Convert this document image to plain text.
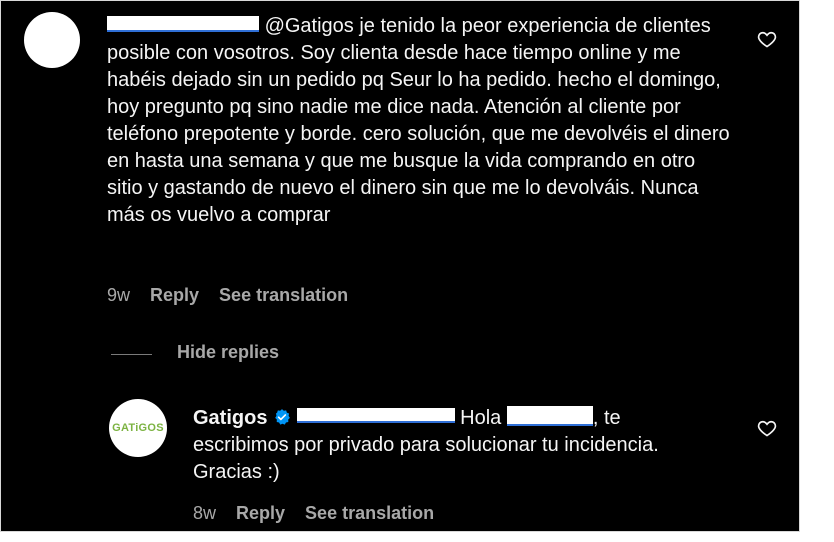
@Gatigos je tenido la peor experiencia de clientes posible con vosotros. Soy clienta desde hace tiempo online y me habéis dejado sin un pedido pq Seur lo ha pedido. hecho el domingo, hoy pregunto pq sino nadie me dice nada. Atención al cliente por teléfono prepotente y borde. cero solución, que me devolvéis el dinero en hasta una semana y que me busque la vida comprando en otro sitio y gastando de nuevo el dinero sin que me lo devolváis. Nunca más os vuelvo a comprar
9w Reply See translation
Hide replies
GATiGOS Gatigos	Hola	, te escribimos por privado para solucionar tu incidencia. Gracias :)
8w Reply See translation
